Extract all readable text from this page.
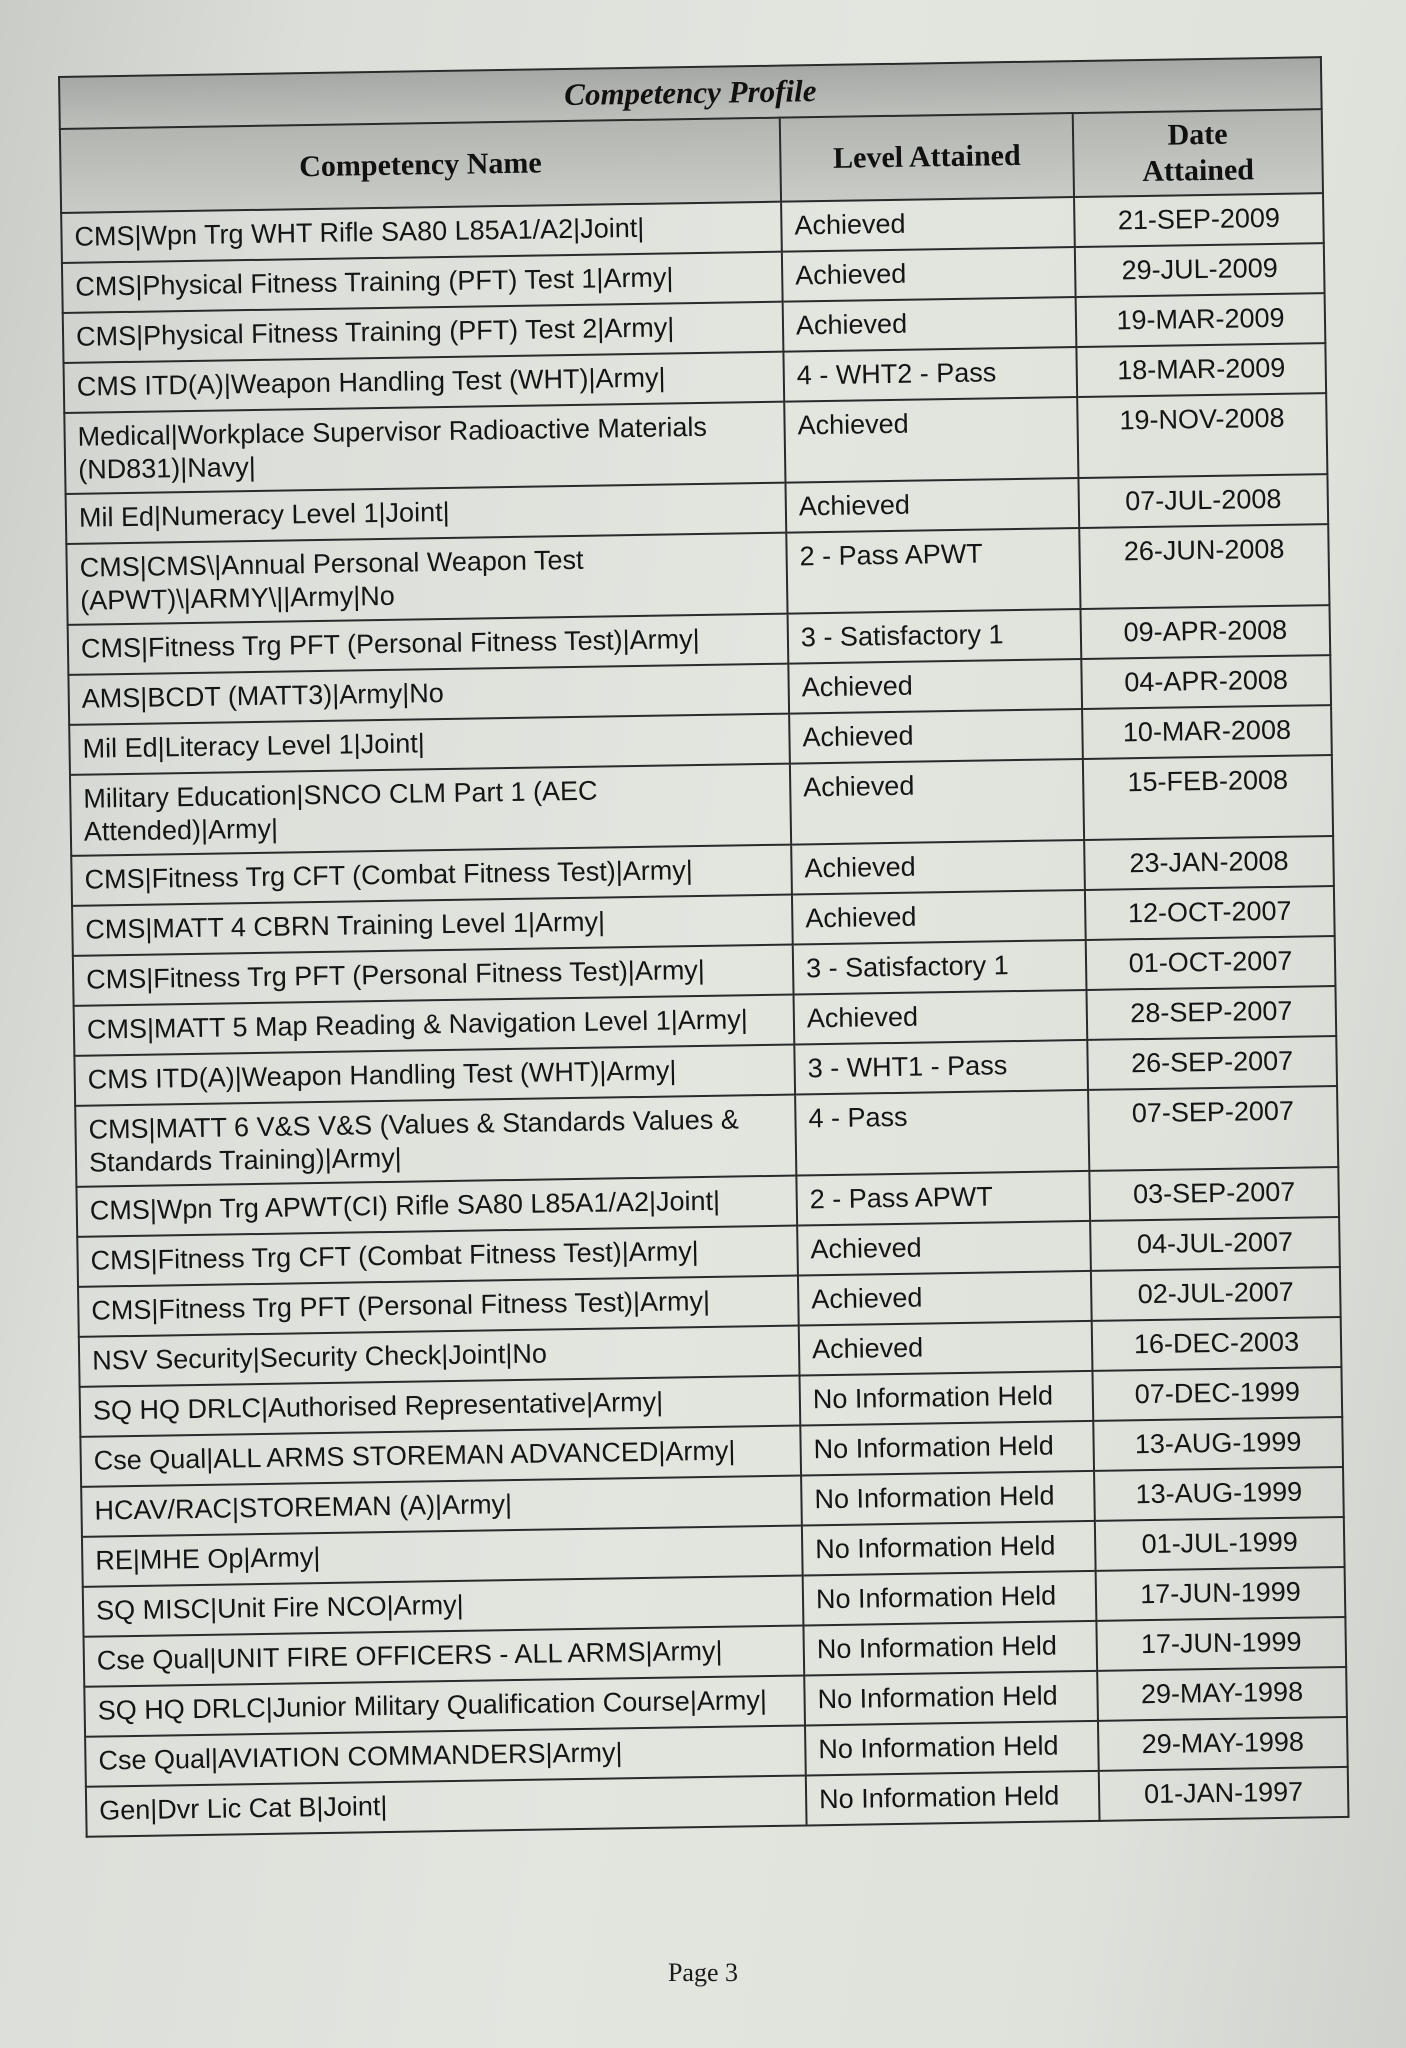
Competency Profile		
Competency Name	Level Attained	Date Attained
CMS|Wpn Trg WHT Rifle SA80 L85A1/A2|Joint|	Achieved	21-SEP-2009
CMS|Physical Fitness Training (PFT) Test 1|Army|	Achieved	29-JUL-2009
CMS|Physical Fitness Training (PFT) Test 2|Army|	Achieved	19-MAR-2009
CMS ITD(A)|Weapon Handling Test (WHT)|Army|	4 - WHT2 - Pass	18-MAR-2009
Medical|Workplace Supervisor Radioactive Materials (ND831)|Navy|	Achieved	19-NOV-2008
Mil Ed|Numeracy Level 1|Joint|	Achieved	07-JUL-2008
CMS|CMS\|Annual Personal Weapon Test (APWT)\|ARMY\||Army|No	2 - Pass APWT	26-JUN-2008
CMS|Fitness Trg PFT (Personal Fitness Test)|Army|	3 - Satisfactory 1	09-APR-2008
AMS|BCDT (MATT3)|Army|No	Achieved	04-APR-2008
Mil Ed|Literacy Level 1|Joint|	Achieved	10-MAR-2008
Military Education|SNCO CLM Part 1 (AEC Attended)|Army|	Achieved	15-FEB-2008
CMS|Fitness Trg CFT (Combat Fitness Test)|Army|	Achieved	23-JAN-2008
CMS|MATT 4 CBRN Training Level 1|Army|	Achieved	12-OCT-2007
CMS|Fitness Trg PFT (Personal Fitness Test)|Army|	3 - Satisfactory 1	01-OCT-2007
CMS|MATT 5 Map Reading & Navigation Level 1|Army|	Achieved	28-SEP-2007
CMS ITD(A)|Weapon Handling Test (WHT)|Army|	3 - WHT1 - Pass	26-SEP-2007
CMS|MATT 6 V&S V&S (Values & Standards Values & Standards Training)|Army|	4 - Pass	07-SEP-2007
CMS|Wpn Trg APWT(CI) Rifle SA80 L85A1/A2|Joint|	2 - Pass APWT	03-SEP-2007
CMS|Fitness Trg CFT (Combat Fitness Test)|Army|	Achieved	04-JUL-2007
CMS|Fitness Trg PFT (Personal Fitness Test)|Army|	Achieved	02-JUL-2007
NSV Security|Security Check|Joint|No	Achieved	16-DEC-2003
SQ HQ DRLC|Authorised Representative|Army|	No Information Held	07-DEC-1999
Cse Qual|ALL ARMS STOREMAN ADVANCED|Army|	No Information Held	13-AUG-1999
HCAV/RAC|STOREMAN (A)|Army|	No Information Held	13-AUG-1999
RE|MHE Op|Army|	No Information Held	01-JUL-1999
SQ MISC|Unit Fire NCO|Army|	No Information Held	17-JUN-1999
Cse Qual|UNIT FIRE OFFICERS - ALL ARMS|Army|	No Information Held	17-JUN-1999
SQ HQ DRLC|Junior Military Qualification Course|Army|	No Information Held	29-MAY-1998
Cse Qual|AVIATION COMMANDERS|Army|	No Information Held	29-MAY-1998
Gen|Dvr Lic Cat B|Joint|	No Information Held	01-JAN-1997
Page 3
